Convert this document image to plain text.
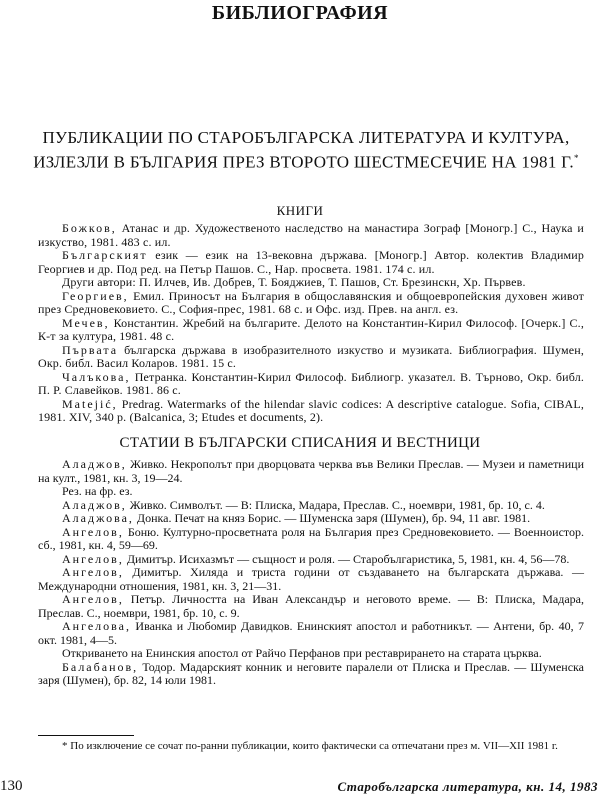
БИБЛИОГРАФИЯ
ПУБЛИКАЦИИ ПО СТАРОБЪЛГАРСКА ЛИТЕРАТУРА И КУЛТУРА,
ИЗЛЕЗЛИ В БЪЛГАРИЯ ПРЕЗ ВТОРОТО ШЕСТМЕСЕЧИЕ НА 1981 Г.*
КНИГИ

Божков, Атанас и др. Художественото наследство на манастира Зограф [Моногр.] С., Наука и изкуство, 1981. 483 с. ил.

Българският език — език на 13-вековна държава. [Моногр.] Автор. колектив Владимир Георгиев и др. Под ред. на Петър Пашов. С., Нар. просвета. 1981. 174 с. ил.

Други автори: П. Илчев, Ив. Добрев, Т. Бояджиев, Т. Пашов, Ст. Брезинскн, Хр. Първев.

Георгиев, Емил. Приносът на България в общославянския и общоевропейския духовен живот през Средновековието. С., София-прес, 1981. 68 с. и Офс. изд. Прев. на англ. ез.

Мечев, Константин. Жребий на българите. Делото на Константин-Кирил Философ. [Очерк.] С., К-т за култура, 1981. 48 с.

Първата българска държава в изобразителното изкуство и музиката. Библиография. Шумен, Окр. библ. Васил Коларов. 1981. 15 с.

Чалъкова, Петранка. Константин-Кирил Философ. Библиогр. указател. В. Търново, Окр. библ. П. Р. Славейков. 1981. 86 с.

Matejić, Predrag. Watermarks of the hilendar slavic codices: A descriptive catalogue. Sofia, CIBAL, 1981. XIV, 340 p. (Balcanica, 3; Etudes et documents, 2).

СТАТИИ В БЪЛГАРСКИ СПИСАНИЯ И ВЕСТНИЦИ

Аладжов, Живко. Некрополът при дворцовата черква във Велики Преслав. — Музеи и паметници на култ., 1981, кн. 3, 19—24.

Рез. на фр. ез.

Аладжов, Живко. Символът. — В: Плиска, Мадара, Преслав. С., ноември, 1981, бр. 10, с. 4.

Аладжова, Донка. Печат на княз Борис. — Шуменска заря (Шумен), бр. 94, 11 авг. 1981.

Ангелов, Боню. Културно-просветната роля на България през Средновековието. — Военноистор. сб., 1981, кн. 4, 59—69.

Ангелов, Димитър. Исихазмът — същност и роля. — Старобългаристика, 5, 1981, кн. 4, 56—78.

Ангелов, Димитър. Хиляда и триста години от създаването на българската държава. — Международни отношения, 1981, кн. 3, 21—31.

Ангелов, Петър. Личността на Иван Александър и неговото време. — В: Плиска, Мадара, Преслав. С., ноември, 1981, бр. 10, с. 9.

Ангелова, Иванка и Любомир Давидков. Енинският апостол и работникът. — Антени, бр. 40, 7 окт. 1981, 4—5.

Откриването на Енинския апостол от Райчо Перфанов при реставрирането на старата църква.

Балабанов, Тодор. Мадарският конник и неговите паралели от Плиска и Преслав. — Шуменска заря (Шумен), бр. 82, 14 юли 1981.

* По изключение се сочат по-ранни публикации, които фактически са отпечатани през м. VII—XII 1981 г.

130	Старобългарска литература, кн. 14, 1983
